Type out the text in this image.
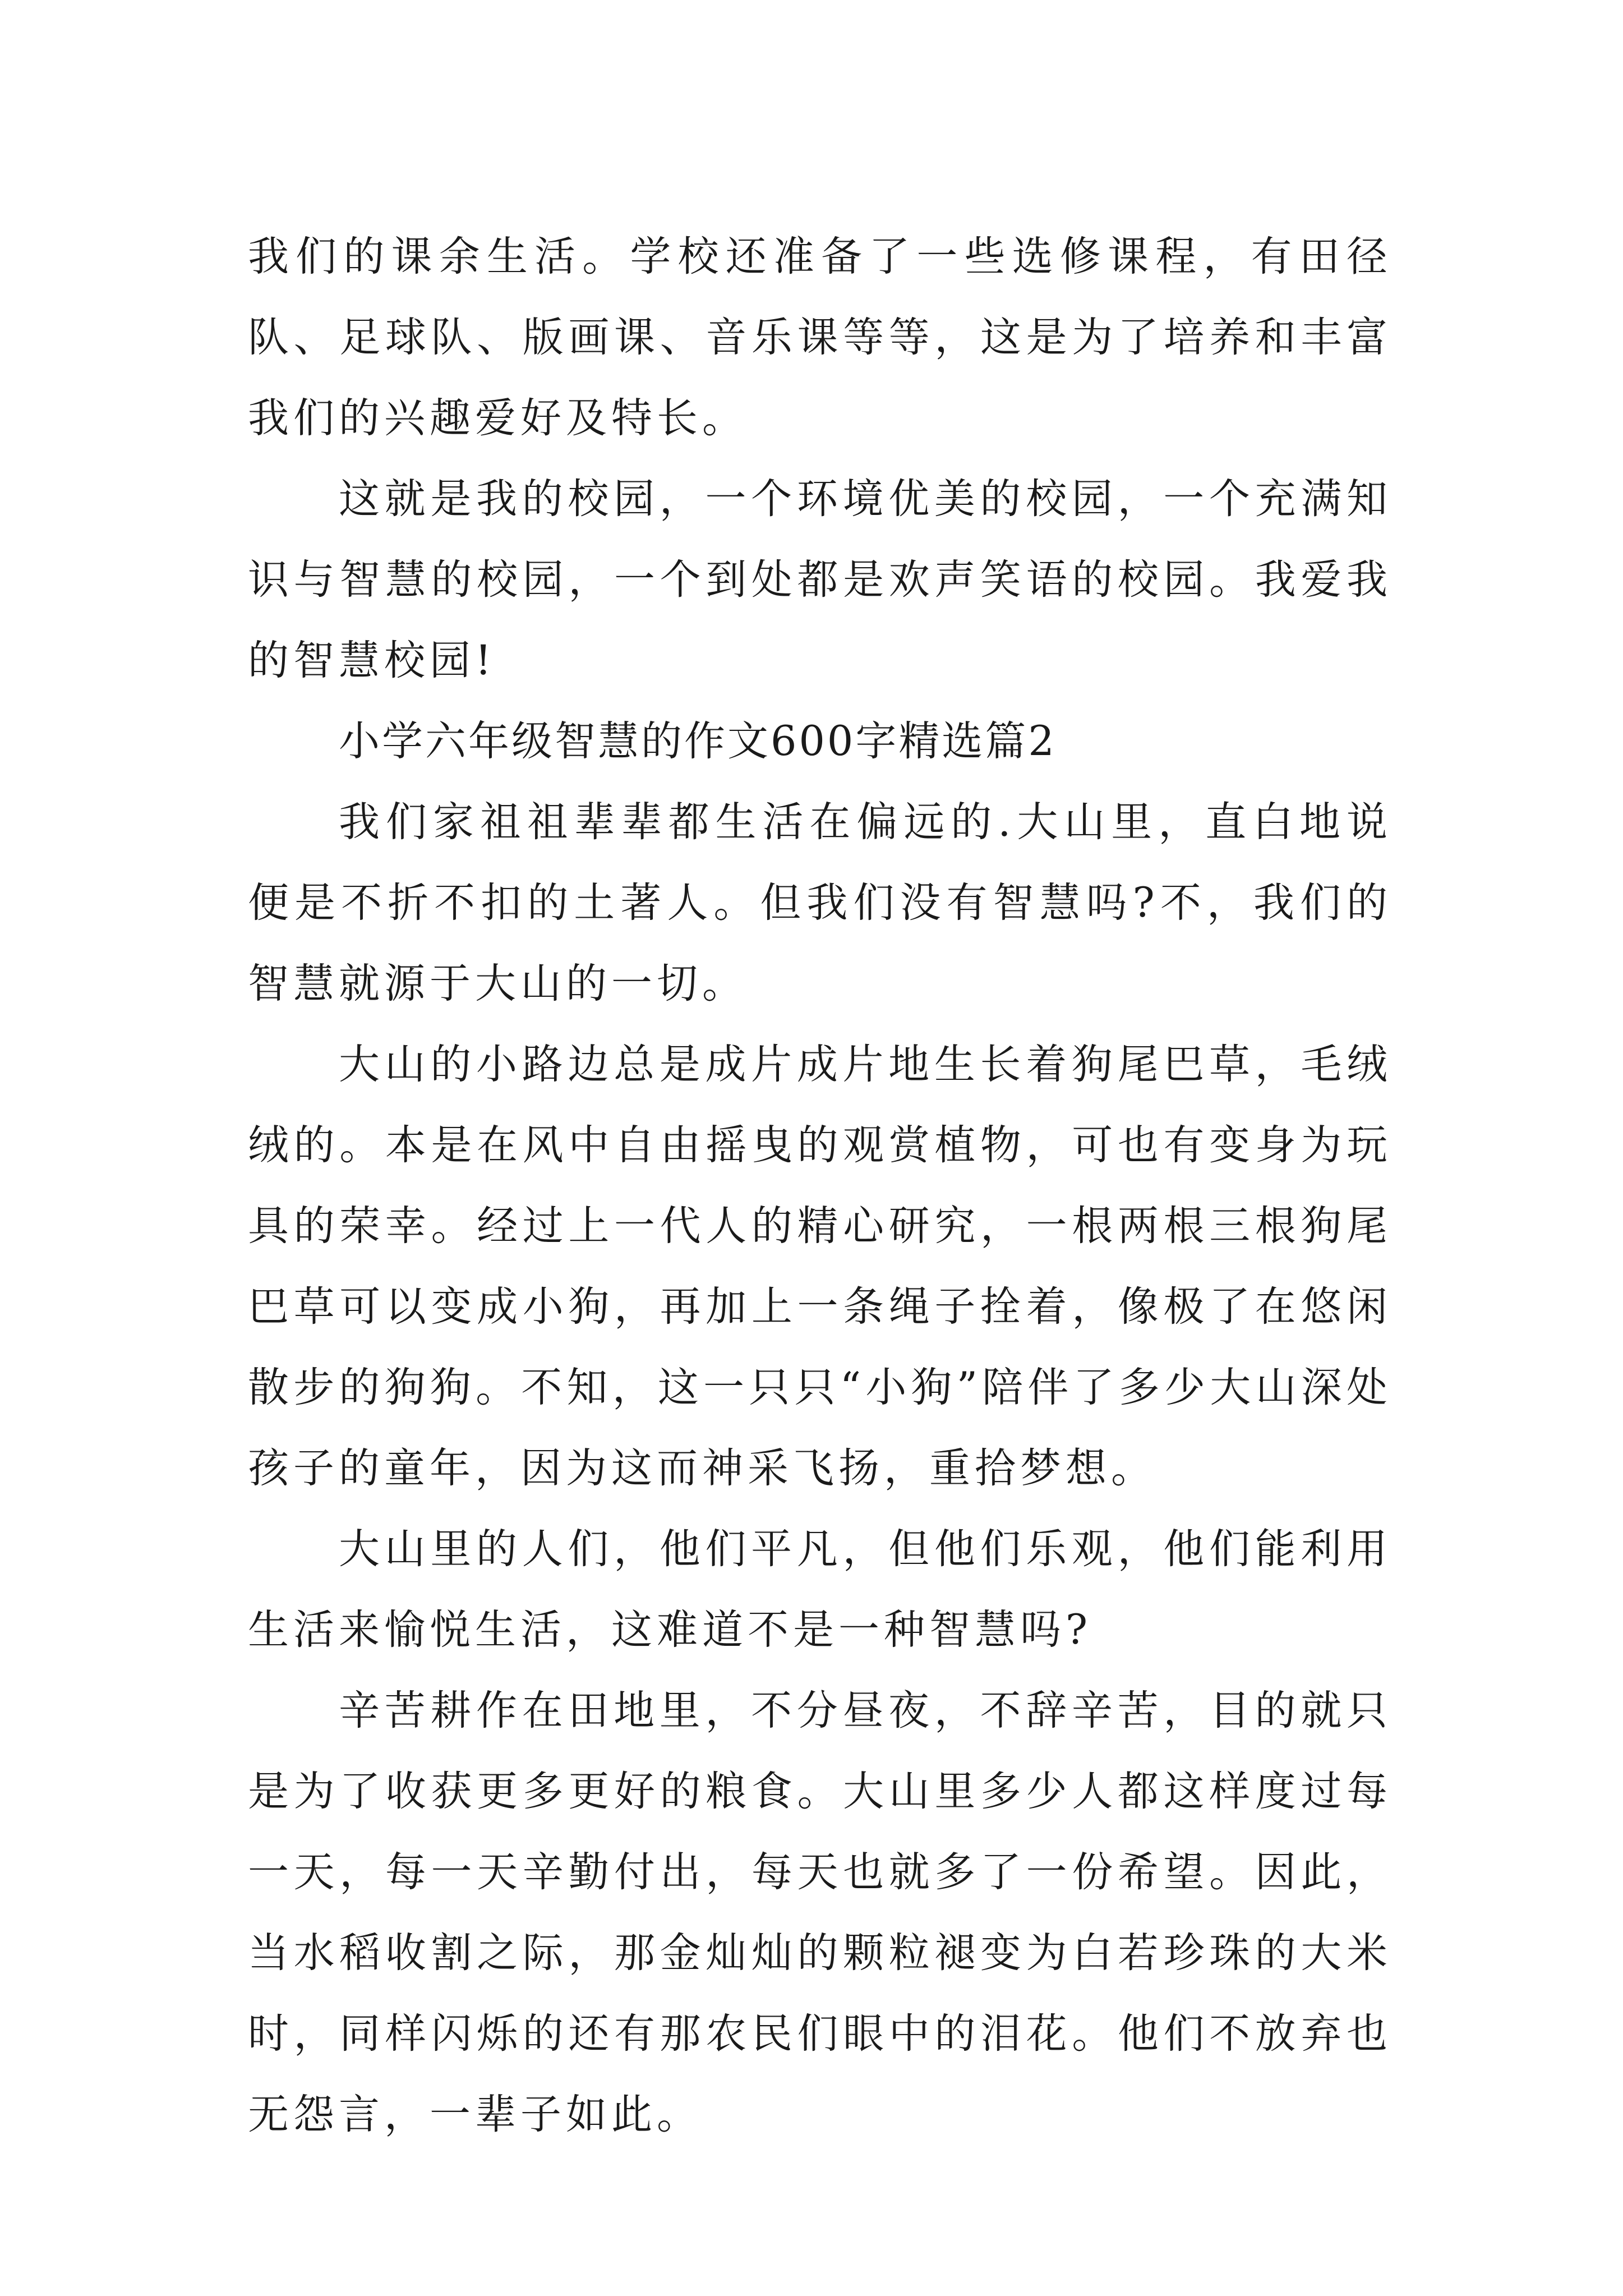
我们的课余生活。学校还准备了一些选修课程，有田径队、足球队、版画课、音乐课等等，这是为了培养和丰富我们的兴趣爱好及特长。

这就是我的校园，一个环境优美的校园，一个充满知识与智慧的校园，一个到处都是欢声笑语的校园。我爱我的智慧校园!

小学六年级智慧的作文600字精选篇2

我们家祖祖辈辈都生活在偏远的.大山里，直白地说便是不折不扣的土著人。但我们没有智慧吗?不，我们的智慧就源于大山的一切。

大山的小路边总是成片成片地生长着狗尾巴草，毛绒绒的。本是在风中自由摇曳的观赏植物，可也有变身为玩具的荣幸。经过上一代人的精心研究，一根两根三根狗尾巴草可以变成小狗，再加上一条绳子拴着，像极了在悠闲散步的狗狗。不知，这一只只“小狗”陪伴了多少大山深处孩子的童年，因为这而神采飞扬，重拾梦想。

大山里的人们，他们平凡，但他们乐观，他们能利用生活来愉悦生活，这难道不是一种智慧吗?

辛苦耕作在田地里，不分昼夜，不辞辛苦，目的就只是为了收获更多更好的粮食。大山里多少人都这样度过每一天，每一天辛勤付出，每天也就多了一份希望。因此，当水稻收割之际，那金灿灿的颗粒褪变为白若珍珠的大米时，同样闪烁的还有那农民们眼中的泪花。他们不放弃也无怨言，一辈子如此。
